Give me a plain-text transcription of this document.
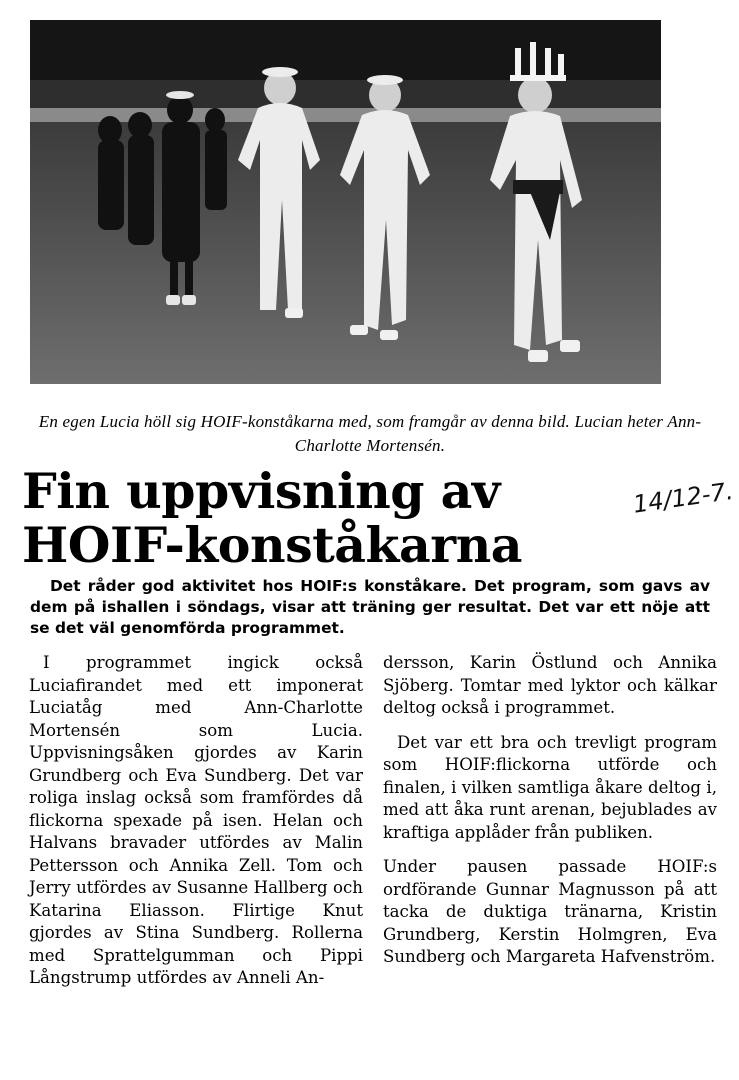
En egen Lucia höll sig HOIF-konståkarna med, som framgår av denna bild. Lucian heter Ann-Charlotte Mortensén.
Fin uppvisning av
HOIF-konståkarna
14/12-7.
Det råder god aktivitet hos HOIF:s konståkare. Det program, som gavs av dem på ishallen i söndags, visar att träning ger resultat. Det var ett nöje att se det väl genomförda programmet.

I programmet ingick också Luciafirandet med ett imponerat Luciatåg med Ann-Charlotte Mortensén som Lucia. Uppvisningsåken gjordes av Karin Grundberg och Eva Sundberg. Det var roliga inslag också som framfördes då flickorna spexade på isen. Helan och Halvans bravader utfördes av Malin Pettersson och Annika Zell. Tom och Jerry utfördes av Susanne Hallberg och Katarina Eliasson. Flirtige Knut gjordes av Stina Sundberg. Rollerna med Sprattelgumman och Pippi Långstrump utfördes av Anneli An-

dersson, Karin Östlund och Annika Sjöberg. Tomtar med lyktor och kälkar deltog också i programmet.

Det var ett bra och trevligt program som HOIF:flickorna utförde och finalen, i vilken samtliga åkare deltog i, med att åka runt arenan, bejublades av kraftiga applåder från publiken.

Under pausen passade HOIF:s ordförande Gunnar Magnusson på att tacka de duktiga tränarna, Kristin Grundberg, Kerstin Holmgren, Eva Sundberg och Margareta Hafvenström.
